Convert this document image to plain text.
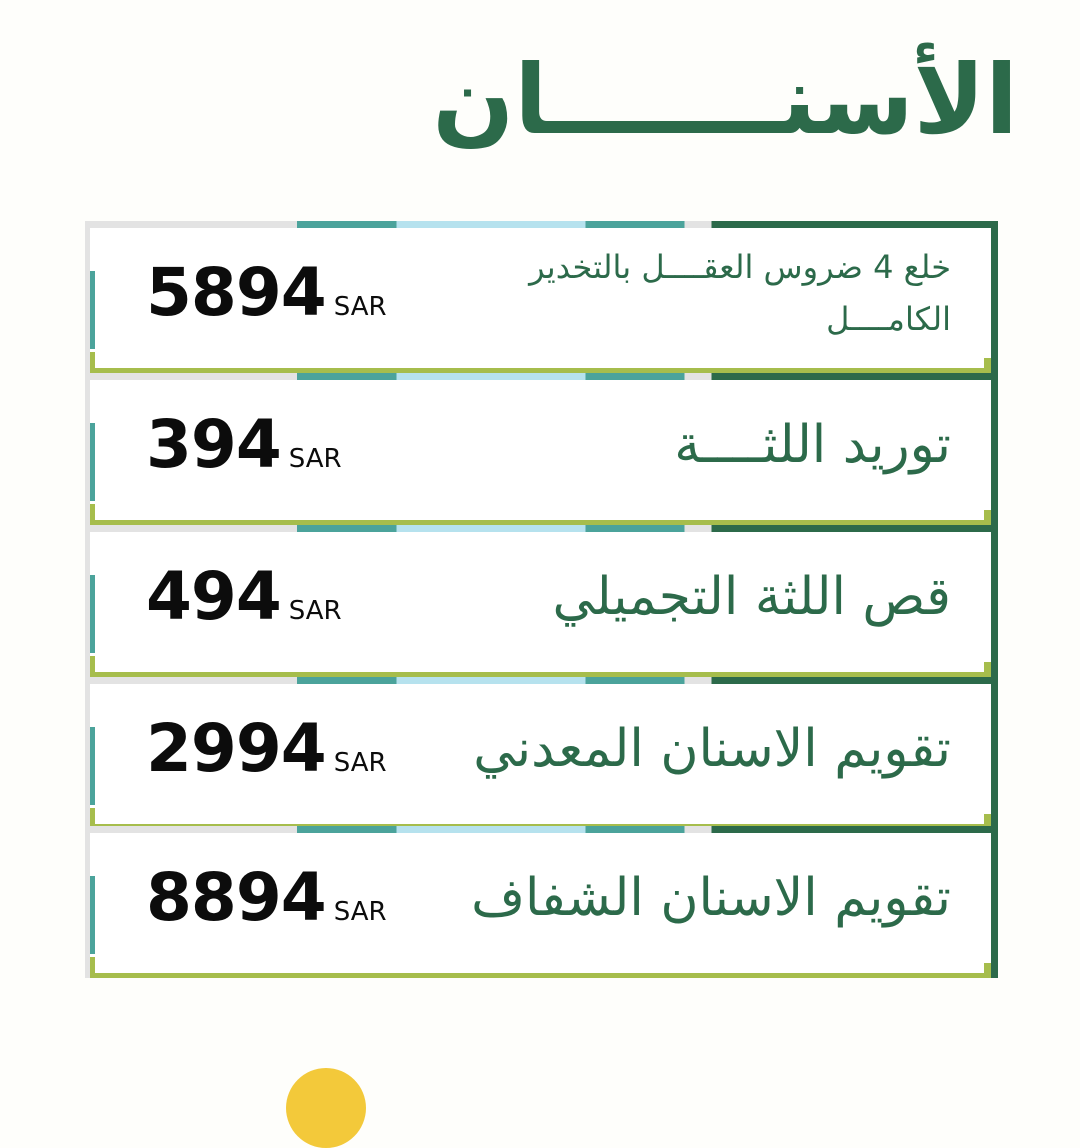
الأسنـــــــان
5894 SAR
خلع 4 ضروس العقــــل بالتخدير الكامــــل
394 SAR	توريد اللثــــة
494 SAR	قص اللثة التجميلي
2994 SAR تقويم الاسنان المعدني
8894 SAR تقويم الاسنان الشفاف
